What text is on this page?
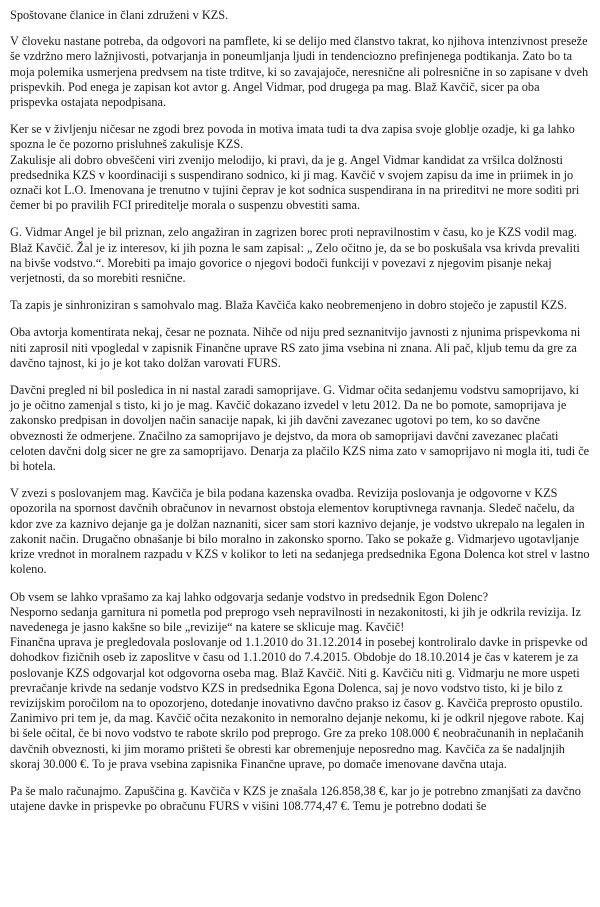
Spoštovane članice in člani združeni v KZS.

V človeku nastane potreba, da odgovori na pamflete, ki se delijo med članstvo takrat, ko njihova intenzivnost preseže še vzdržno mero lažnjivosti, potvarjanja in poneumljanja ljudi in tendenciozno prefinjenega podtikanja. Zato bo ta moja polemika usmerjena predvsem na tiste trditve, ki so zavajajoče, neresnične ali polresnične in so zapisane v dveh prispevkih. Pod enega je zapisan kot avtor g. Angel Vidmar, pod drugega pa mag. Blaž Kavčič, sicer pa oba prispevka ostajata nepodpisana.

Ker se v življenju ničesar ne zgodi brez povoda in motiva imata tudi ta dva zapisa svoje globlje ozadje, ki ga lahko spozna le če pozorno prisluhneš zakulisje KZS.

Zakulisje ali dobro obveščeni viri zvenijo melodijo, ki pravi, da je g. Angel Vidmar kandidat za vršilca dolžnosti predsednika KZS v koordinaciji s suspendirano sodnico, ki ji mag. Kavčič v svojem zapisu da ime in priimek in jo označi kot L.O. Imenovana je trenutno v tujini čeprav je kot sodnica suspendirana in na prireditvi ne more soditi pri čemer bi po pravilih FCI prireditelje morala o suspenzu obvestiti sama.

G. Vidmar Angel je bil priznan, zelo angažiran in zagrizen borec proti nepravilnostim v času, ko je KZS vodil mag. Blaž Kavčič. Žal je iz interesov, ki jih pozna le sam zapisal: „ Zelo očitno je, da se bo poskušala vsa krivda prevaliti na bivše vodstvo.“. Morebiti pa imajo govorice o njegovi bodoči funkciji v povezavi z njegovim pisanje nekaj verjetnosti, da so morebiti resnične.

Ta zapis je sinhroniziran s samohvalo mag. Blaža Kavčiča kako neobremenjeno in dobro stoječo je zapustil KZS.

Oba avtorja komentirata nekaj, česar ne poznata. Nihče od niju pred seznanitvijo javnosti z njunima prispevkoma ni niti zaprosil niti vpogledal v zapisnik Finančne uprave RS zato jima vsebina ni znana. Ali pač, kljub temu da gre za davčno tajnost, ki jo je kot tako dolžan varovati FURS.

Davčni pregled ni bil posledica in ni nastal zaradi samoprijave. G. Vidmar očita sedanjemu vodstvu samoprijavo, ki jo je očitno zamenjal s tisto, ki jo je mag. Kavčič dokazano izvedel v letu 2012. Da ne bo pomote, samoprijava je zakonsko predpisan in dovoljen način sanacije napak, ki jih davčni zavezanec ugotovi po tem, ko so davčne obveznosti že odmerjene. Značilno za samoprijavo je dejstvo, da mora ob samoprijavi davčni zavezanec plačati celoten davčni dolg sicer ne gre za samoprijavo. Denarja za plačilo KZS nima zato v samoprijavo ni mogla iti, tudi če bi hotela.

V zvezi s poslovanjem mag. Kavčiča je bila podana kazenska ovadba. Revizija poslovanja je odgovorne v KZS opozorila na spornost davčnih obračunov in nevarnost obstoja elementov koruptivnega ravnanja. Sledeč načelu, da kdor zve za kaznivo dejanje ga je dolžan naznaniti, sicer sam stori kaznivo dejanje, je vodstvo ukrepalo na legalen in zakonit način. Drugačno obnašanje bi bilo moralno in zakonsko sporno. Tako se pokaže g. Vidmarjevo ugotavljanje krize vrednot in moralnem razpadu v KZS v kolikor to leti na sedanjega predsednika Egona Dolenca kot strel v lastno koleno.

Ob vsem se lahko vprašamo za kaj lahko odgovarja sedanje vodstvo in predsednik Egon Dolenc?

Nesporno sedanja garnitura ni pometla pod preprogo vseh nepravilnosti in nezakonitosti, ki jih je odkrila revizija. Iz navedenega je jasno kakšne so bile „revizije“ na katere se sklicuje mag. Kavčič!

Finančna uprava je pregledovala poslovanje od 1.1.2010 do 31.12.2014 in posebej kontroliralo davke in prispevke od dohodkov fizičnih oseb iz zaposlitve v času od 1.1.2010 do 7.4.2015. Obdobje do 18.10.2014 je čas v katerem je za poslovanje KZS odgovarjal kot odgovorna oseba mag. Blaž Kavčič. Niti g. Kavčiču niti g. Vidmarju ne more uspeti prevračanje krivde na sedanje vodstvo KZS in predsednika Egona Dolenca, saj je novo vodstvo tisto, ki je bilo z revizijskim poročilom na to opozorjeno, dotedanje inovativno davčno prakso iz časov g. Kavčiča preprosto opustilo. Zanimivo pri tem je, da mag. Kavčič očita nezakonito in nemoralno dejanje nekomu, ki je odkril njegove rabote. Kaj bi šele očital, če bi novo vodstvo te rabote skrilo pod preprogo. Gre za preko 108.000 € neobračunanih in neplačanih davčnih obveznosti, ki jim moramo prišteti še obresti kar obremenjuje neposredno mag. Kavčiča za še nadaljnjih skoraj 30.000 €. To je prava vsebina zapisnika Finančne uprave, po domače imenovane davčna utaja.

Pa še malo računajmo. Zapuščina g. Kavčiča v KZS je znašala 126.858,38 €, kar jo je potrebno zmanjšati za davčno utajene davke in prispevke po obračunu FURS v višini 108.774,47 €. Temu je potrebno dodati še
